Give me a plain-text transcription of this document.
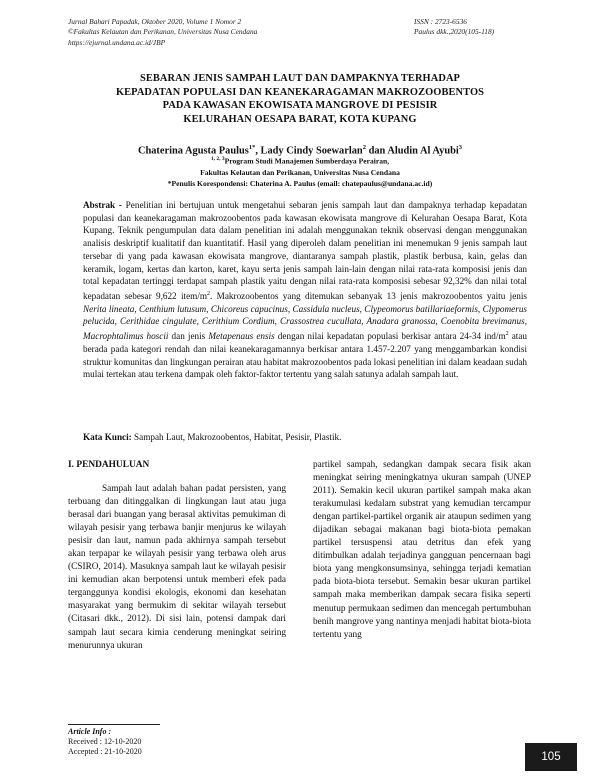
Jurnal Bahari Papadak, Oktober 2020, Volume 1 Nomor 2
©Fakultas Kelautan dan Perikanan, Universitas Nusa Cendana
https://ejurnal.undana.ac.id/JBP
ISSN : 2723-6536
Paulus dkk.,2020(105-118)
SEBARAN JENIS SAMPAH LAUT DAN DAMPAKNYA TERHADAP
KEPADATAN POPULASI DAN KEANEKARAGAMAN MAKROZOOBENTOS
PADA KAWASAN EKOWISATA MANGROVE DI PESISIR
KELURAHAN OESAPA BARAT, KOTA KUPANG
Chaterina Agusta Paulus$^{1*}$, Lady Cindy Soewarlan$^2$ dan Aludin Al Ayubi$^3$
$^{1, 2, 3}$Program Studi Manajemen Sumberdaya Perairan,
Fakultas Kelautan dan Perikanan, Universitas Nusa Cendana
*Penulis Korespondensi: Chaterina A. Paulus (email: chatepaulus@undana.ac.id)

Abstrak - Penelitian ini bertujuan untuk mengetahui sebaran jenis sampah laut dan dampaknya terhadap kepadatan populasi dan keanekaragaman makrozoobentos pada kawasan ekowisata mangrove di Kelurahan Oesapa Barat, Kota Kupang. Teknik pengumpulan data dalam penelitian ini adalah menggunakan teknik observasi dengan menggunakan analisis deskriptif kualitatif dan kuantitatif. Hasil yang diperoleh dalam penelitian ini menemukan 9 jenis sampah laut tersebar di yang pada kawasan ekowisata mangrove, diantaranya sampah plastik, plastik berbusa, kain, gelas dan keramik, logam, kertas dan karton, karet, kayu serta jenis sampah lain-lain dengan nilai rata-rata komposisi jenis dan total kepadatan tertinggi terdapat sampah plastik yaitu dengan nilai rata-rata komposisi sebesar 92,32% dan nilai total kepadatan sebesar 9,622 item/$m^2$. Makrozoobentos yang ditemukan sebanyak 13 jenis makrozoobentos yaitu jenis Nerita lineata, Centhium lutusum, Chicoreus capucinus, Cassidula nucleus, Clypeomorus batillariaeformis, Clypomerus pelucida, Cerithidae cingulate, Cerithium Cordium, Crassostrea cucullata, Anadara granossa, Coenobita brevimanus, Macrophtalimus hoscii dan jenis Metapenaus ensis dengan nilai kepadatan populasi berkisar antara 24-34 ind/$m^2$ atau berada pada kategori rendah dan nilai keanekaragamannya berkisar antara 1.457-2.207 yang menggambarkan kondisi struktur komunitas dan lingkungan perairan atau habitat makrozoobentos pada lokasi penelitian ini dalam keadaan sudah mulai tertekan atau terkena dampak oleh faktor-faktor tertentu yang salah satunya adalah sampah laut.

Kata Kunci: Sampah Laut, Makrozoobentos, Habitat, Pesisir, Plastik.
I. PENDAHULUAN

Sampah laut adalah bahan padat persisten, yang terbuang dan ditinggalkan di lingkungan laut atau juga berasal dari buangan yang berasal aktivitas pemukiman di wilayah pesisir yang terbawa banjir menjurus ke wilayah pesisir dan laut, namun pada akhirnya sampah tersebut akan terpapar ke wilayah pesisir yang terbawa oleh arus (CSIRO, 2014). Masuknya sampah laut ke wilayah pesisir ini kemudian akan berpotensi untuk memberi efek pada terganggunya kondisi ekologis, ekonomi dan kesehatan masyarakat yang bermukim di sekitar wilayah tersebut (Citasari dkk., 2012). Di sisi lain, potensi dampak dari sampah laut secara kimia cenderung meningkat seiring menurunnya ukuran

partikel sampah, sedangkan dampak secara fisik akan meningkat seiring meningkatnya ukuran sampah (UNEP 2011). Semakin kecil ukuran partikel sampah maka akan terakumulasi kedalam substrat yang kemudian tercampur dengan partikel-partikel organik air ataupun sedimen yang dijadikan sebagai makanan bagi biota-biota pemakan partikel tersuspensi atau detritus dan efek yang ditimbulkan adalah terjadinya gangguan pencernaan bagi biota yang mengkonsumsinya, sehingga terjadi kematian pada biota-biota tersebut. Semakin besar ukuran partikel sampah maka memberikan dampak secara fisika seperti menutup permukaan sedimen dan mencegah pertumbuhan benih mangrove yang nantinya menjadi habitat biota-biota tertentu yang

Article Info :
Received : 12-10-2020
Accepted : 21-10-2020	105
